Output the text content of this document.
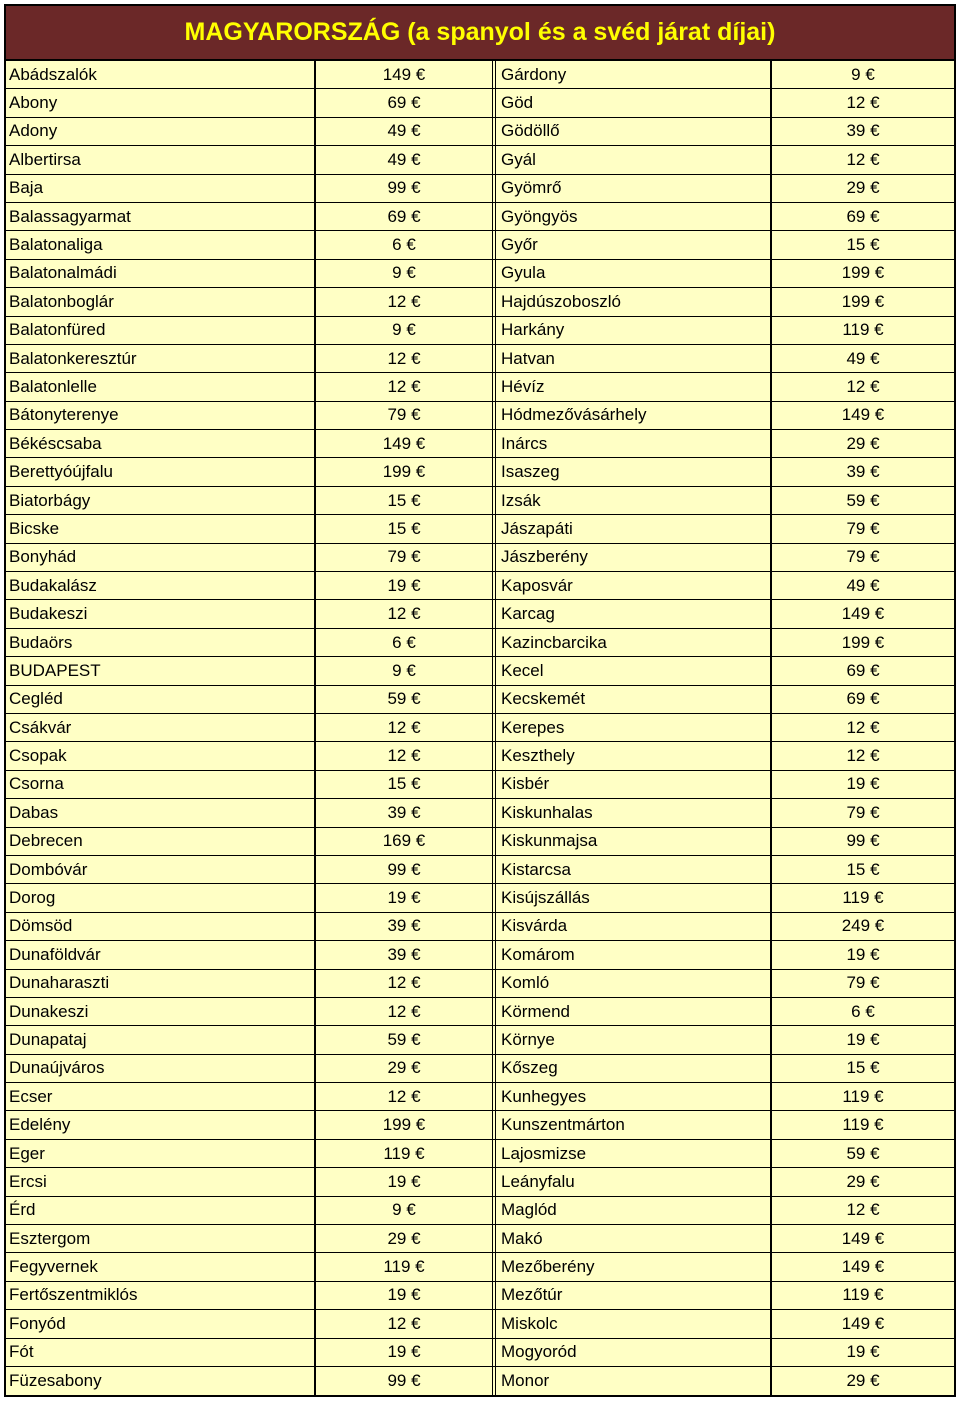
MAGYARORSZÁG (a spanyol és a svéd járat díjai)
Abádszalók	149 €	Gárdony	9 €
Abony	69 €	Göd	12 €
Adony	49 €	Gödöllő	39 €
Albertirsa	49 €	Gyál	12 €
Baja	99 €	Gyömrő	29 €
Balassagyarmat	69 €	Gyöngyös	69 €
Balatonaliga	6 €	Győr	15 €
Balatonalmádi	9 €	Gyula	199 €
Balatonboglár	12 €	Hajdúszoboszló	199 €
Balatonfüred	9 €	Harkány	119 €
Balatonkeresztúr	12 €	Hatvan	49 €
Balatonlelle	12 €	Hévíz	12 €
Bátonyterenye	79 €	Hódmezővásárhely	149 €
Békéscsaba	149 €	Inárcs	29 €
Berettyóújfalu	199 €	Isaszeg	39 €
Biatorbágy	15 €	Izsák	59 €
Bicske	15 €	Jászapáti	79 €
Bonyhád	79 €	Jászberény	79 €
Budakalász	19 €	Kaposvár	49 €
Budakeszi	12 €	Karcag	149 €
Budaörs	6 €	Kazincbarcika	199 €
BUDAPEST	9 €	Kecel	69 €
Cegléd	59 €	Kecskemét	69 €
Csákvár	12 €	Kerepes	12 €
Csopak	12 €	Keszthely	12 €
Csorna	15 €	Kisbér	19 €
Dabas	39 €	Kiskunhalas	79 €
Debrecen	169 €	Kiskunmajsa	99 €
Dombóvár	99 €	Kistarcsa	15 €
Dorog	19 €	Kisújszállás	119 €
Dömsöd	39 €	Kisvárda	249 €
Dunaföldvár	39 €	Komárom	19 €
Dunaharaszti	12 €	Komló	79 €
Dunakeszi	12 €	Körmend	6 €
Dunapataj	59 €	Környe	19 €
Dunaújváros	29 €	Kőszeg	15 €
Ecser	12 €	Kunhegyes	119 €
Edelény	199 €	Kunszentmárton	119 €
Eger	119 €	Lajosmizse	59 €
Ercsi	19 €	Leányfalu	29 €
Érd	9 €	Maglód	12 €
Esztergom	29 €	Makó	149 €
Fegyvernek	119 €	Mezőberény	149 €
Fertőszentmiklós	19 €	Mezőtúr	119 €
Fonyód	12 €	Miskolc	149 €
Fót	19 €	Mogyoród	19 €
Füzesabony	99 €	Monor	29 €
